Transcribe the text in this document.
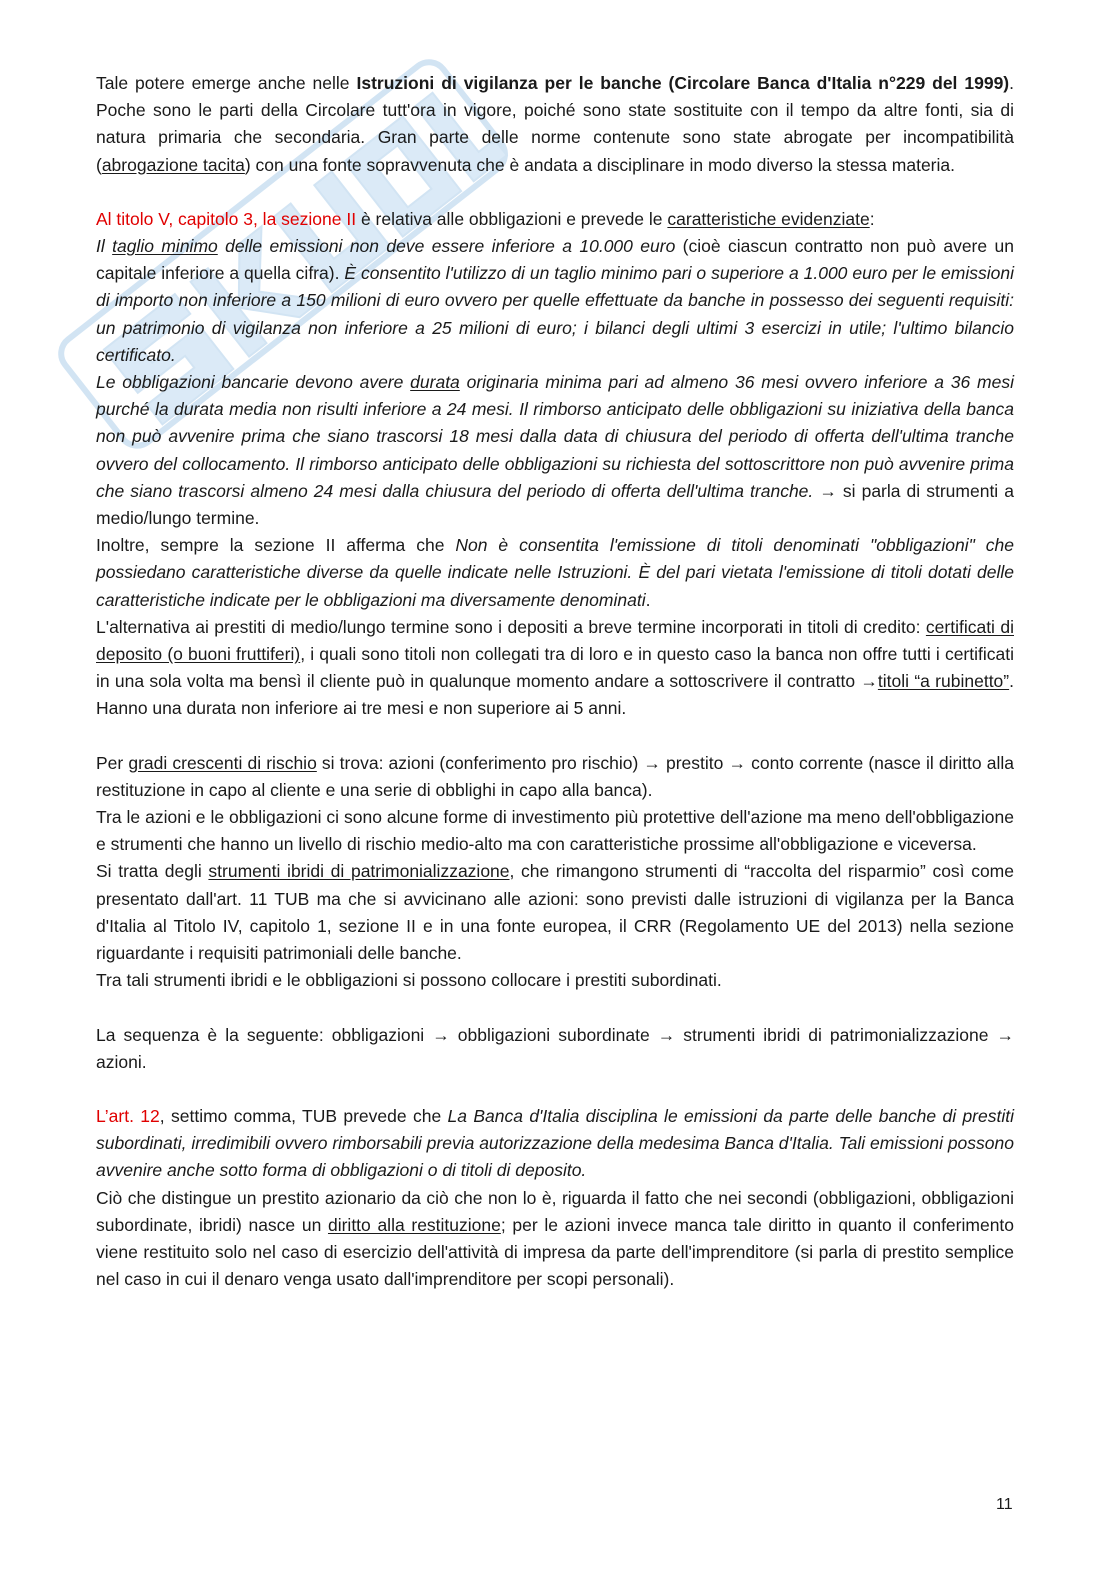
Tale potere emerge anche nelle Istruzioni di vigilanza per le banche (Circolare Banca d'Italia n°229 del 1999). Poche sono le parti della Circolare tutt'ora in vigore, poiché sono state sostituite con il tempo da altre fonti, sia di natura primaria che secondaria. Gran parte delle norme contenute sono state abrogate per incompatibilità (abrogazione tacita) con una fonte sopravvenuta che è andata a disciplinare in modo diverso la stessa materia.

Al titolo V, capitolo 3, la sezione II è relativa alle obbligazioni e prevede le caratteristiche evidenziate:
Il taglio minimo delle emissioni non deve essere inferiore a 10.000 euro (cioè ciascun contratto non può avere un capitale inferiore a quella cifra). È consentito l'utilizzo di un taglio minimo pari o superiore a 1.000 euro per le emissioni di importo non inferiore a 150 milioni di euro ovvero per quelle effettuate da banche in possesso dei seguenti requisiti: un patrimonio di vigilanza non inferiore a 25 milioni di euro; i bilanci degli ultimi 3 esercizi in utile; l'ultimo bilancio certificato.

Le obbligazioni bancarie devono avere durata originaria minima pari ad almeno 36 mesi ovvero inferiore a 36 mesi purché la durata media non risulti inferiore a 24 mesi. Il rimborso anticipato delle obbligazioni su iniziativa della banca non può avvenire prima che siano trascorsi 18 mesi dalla data di chiusura del periodo di offerta dell'ultima tranche ovvero del collocamento. Il rimborso anticipato delle obbligazioni su richiesta del sottoscrittore non può avvenire prima che siano trascorsi almeno 24 mesi dalla chiusura del periodo di offerta dell'ultima tranche. → si parla di strumenti a medio/lungo termine.

Inoltre, sempre la sezione II afferma che Non è consentita l'emissione di titoli denominati "obbligazioni" che possiedano caratteristiche diverse da quelle indicate nelle Istruzioni. È del pari vietata l'emissione di titoli dotati delle caratteristiche indicate per le obbligazioni ma diversamente denominati.

L'alternativa ai prestiti di medio/lungo termine sono i depositi a breve termine incorporati in titoli di credito: certificati di deposito (o buoni fruttiferi), i quali sono titoli non collegati tra di loro e in questo caso la banca non offre tutti i certificati in una sola volta ma bensì il cliente può in qualunque momento andare a sottoscrivere il contratto →titoli “a rubinetto”. Hanno una durata non inferiore ai tre mesi e non superiore ai 5 anni.

Per gradi crescenti di rischio si trova: azioni (conferimento pro rischio) → prestito → conto corrente (nasce il diritto alla restituzione in capo al cliente e una serie di obblighi in capo alla banca).

Tra le azioni e le obbligazioni ci sono alcune forme di investimento più protettive dell'azione ma meno dell'obbligazione e strumenti che hanno un livello di rischio medio-alto ma con caratteristiche prossime all'obbligazione e viceversa.

Si tratta degli strumenti ibridi di patrimonializzazione, che rimangono strumenti di “raccolta del risparmio” così come presentato dall'art. 11 TUB ma che si avvicinano alle azioni: sono previsti dalle istruzioni di vigilanza per la Banca d'Italia al Titolo IV, capitolo 1, sezione II e in una fonte europea, il CRR (Regolamento UE del 2013) nella sezione riguardante i requisiti patrimoniali delle banche.

Tra tali strumenti ibridi e le obbligazioni si possono collocare i prestiti subordinati.

La sequenza è la seguente: obbligazioni → obbligazioni subordinate → strumenti ibridi di patrimonializzazione → azioni.

L’art. 12, settimo comma, TUB prevede che La Banca d'Italia disciplina le emissioni da parte delle banche di prestiti subordinati, irredimibili ovvero rimborsabili previa autorizzazione della medesima Banca d'Italia. Tali emissioni possono avvenire anche sotto forma di obbligazioni o di titoli di deposito.

Ciò che distingue un prestito azionario da ciò che non lo è, riguarda il fatto che nei secondi (obbligazioni, obbligazioni subordinate, ibridi) nasce un diritto alla restituzione; per le azioni invece manca tale diritto in quanto il conferimento viene restituito solo nel caso di esercizio dell'attività di impresa da parte dell'imprenditore (si parla di prestito semplice nel caso in cui il denaro venga usato dall'imprenditore per scopi personali).

11
